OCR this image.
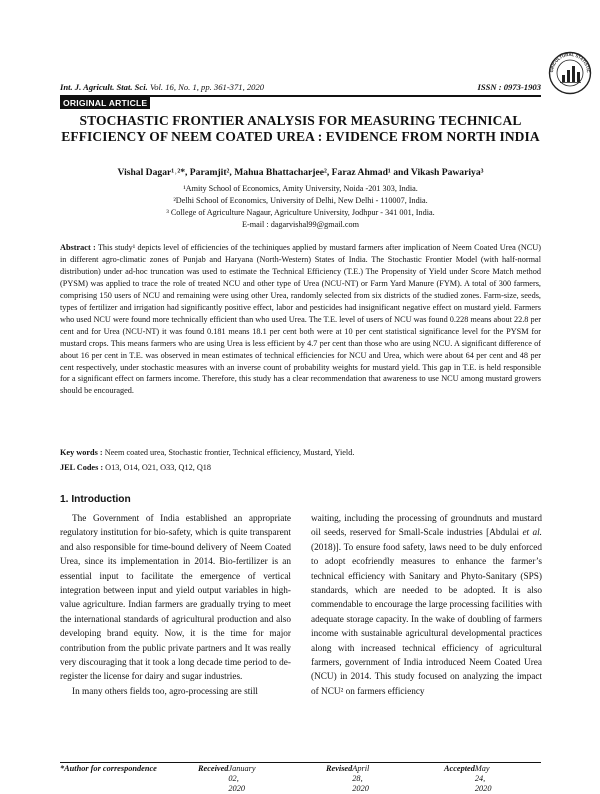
Int. J. Agricult. Stat. Sci. Vol. 16, No. 1, pp. 361-371, 2020	ISSN : 0973-1903
GRICULTURAL STATISTIC
ORIGINAL ARTICLE
STOCHASTIC FRONTIER ANALYSIS FOR MEASURING TECHNICAL
EFFICIENCY OF NEEM COATED UREA : EVIDENCE FROM NORTH INDIA
Vishal Dagar¹˒²*, Paramjit², Mahua Bhattacharjee², Faraz Ahmad¹ and Vikash Pawariya³
¹Amity School of Economics, Amity University, Noida -201 303, India.
²Delhi School of Economics, University of Delhi, New Delhi - 110007, India.
³ College of Agriculture Nagaur, Agriculture University, Jodhpur - 341 001, India.
E-mail : dagarvishal99@gmail.com

Abstract : This study¹ depicts level of efficiencies of the techiniques applied by mustard farmers after implication of Neem Coated Urea (NCU) in different agro-climatic zones of Punjab and Haryana (North-Western) States of India. The Stochastic Frontier Model (with half-normal distribution) under ad-hoc truncation was used to estimate the Technical Efficiency (T.E.) The Propensity of Yield under Score Match method (PYSM) was applied to trace the role of treated NCU and other type of Urea (NCU-NT) or Farm Yard Manure (FYM). A total of 300 farmers, comprising 150 users of NCU and remaining were using other Urea, randomly selected from six districts of the studied zones. Farm-size, seeds, types of fertilizer and irrigation had significantly positive effect, labor and pesticides had insignificant negative effect on mustard yield. Farmers who used NCU were found more technically efficient than who used Urea. The T.E. level of users of NCU was found 0.228 means about 22.8 per cent and for Urea (NCU-NT) it was found 0.181 means 18.1 per cent both were at 10 per cent statistical significance level for the PYSM for mustard crops. This means farmers who are using Urea is less efficient by 4.7 per cent than those who are using NCU. A significant difference of about 16 per cent in T.E. was observed in mean estimates of technical efficiencies for NCU and Urea, which were about 64 per cent and 48 per cent respectively, under stochastic measures with an inverse count of probability weights for mustard yield. This gap in T.E. is held responsible for a significant effect on farmers income. Therefore, this study has a clear recommendation that awareness to use NCU among mustard growers should be encouraged.

Key words : Neem coated urea, Stochastic frontier, Technical efficiency, Mustard, Yield.
JEL Codes : O13, O14, O21, O33, Q12, Q18
1. Introduction

The Government of India established an appropriate regulatory institution for bio-safety, which is quite transparent and also responsible for time-bound delivery of Neem Coated Ureа, since its implementation in 2014. Bio-fertilizer is an essential input to facilitate the emergence of vertical integration between input and yield output variables in high-value agriculture. Indian farmers are gradually trying to meet the international standards of agricultural production and also developing brand equity. Now, it is the time for major contribution from the public private partners and It was really very discouraging that it took a long decade time period to de-register the license for dairy and sugar industries.

In many others fields too, agro-processing are still

waiting, including the processing of groundnuts and mustard oil seeds, reserved for Small-Scale industries [Abdulai et al. (2018)]. To ensure food safety, laws need to be duly enforced to adopt ecofriendly measures to enhance the farmer’s technical efficiency with Sanitary and Phyto-Sanitary (SPS) standards, which are needed to be adopted. It is also commendable to encourage the large processing facilities with adequate storage capacity. In the wake of doubling of farmers income with sustainable agricultural developmental practices along with increased technical efficiency of agricultural farmers, government of India introduced Neem Coated Urea (NCU) in 2014. This study focused on analyzing the impact of NCU² on farmers efficiency

*Author for correspondence	Received January 02, 2020
Revised April 28, 2020
Accepted May 24, 2020
